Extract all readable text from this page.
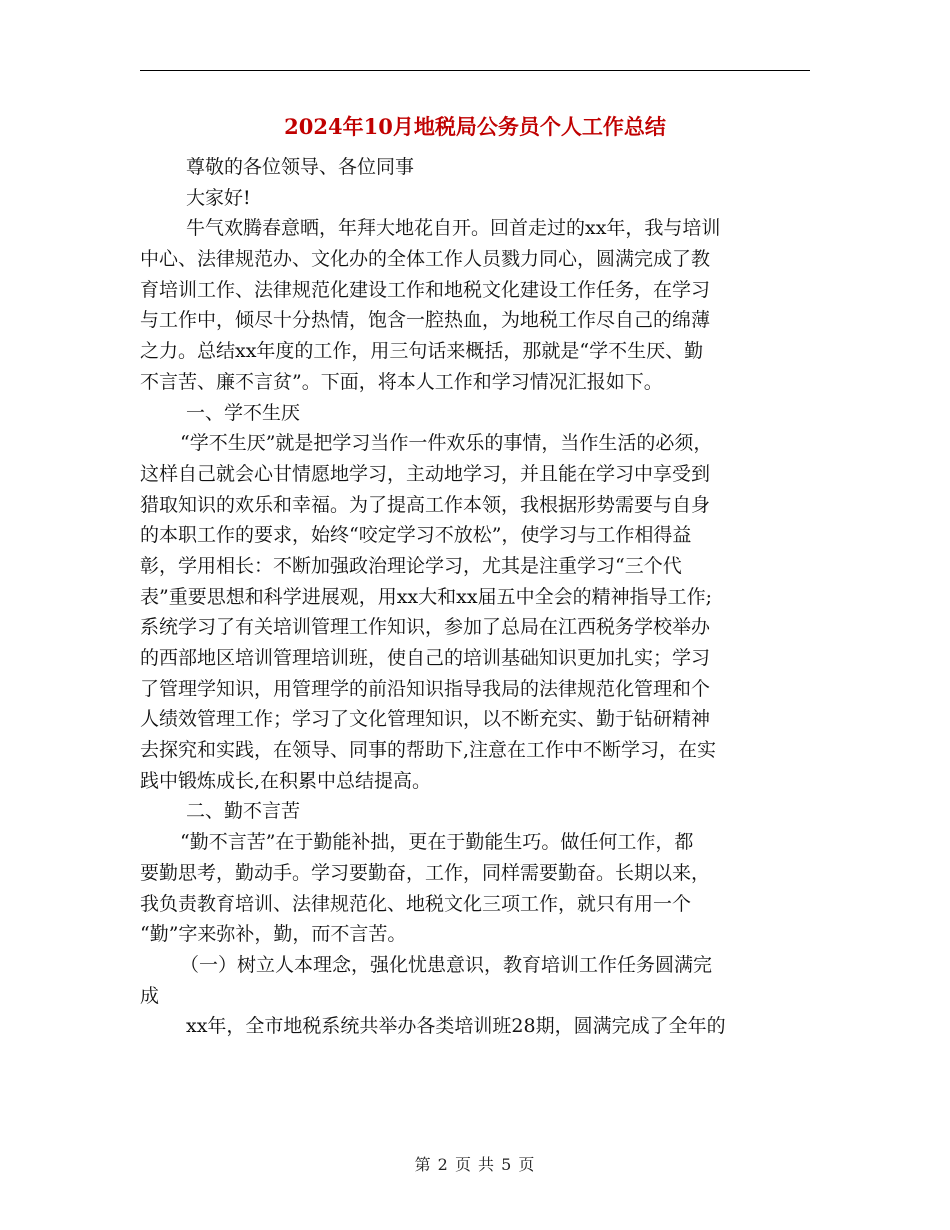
2024年10月地税局公务员个人工作总结
尊敬的各位领导、各位同事
大家好!
牛气欢腾春意晒，年拜大地花自开。回首走过的xx年，我与培训
中心、法律规范办、文化办的全体工作人员戮力同心，圆满完成了教
育培训工作、法律规范化建设工作和地税文化建设工作任务，在学习
与工作中，倾尽十分热情，饱含一腔热血，为地税工作尽自己的绵薄
之力。总结xx年度的工作，用三句话来概括，那就是“学不生厌、勤
不言苦、廉不言贫”。下面，将本人工作和学习情况汇报如下。
一、学不生厌
“学不生厌”就是把学习当作一件欢乐的事情，当作生活的必须，
这样自己就会心甘情愿地学习，主动地学习，并且能在学习中享受到
猎取知识的欢乐和幸福。为了提高工作本领，我根据形势需要与自身
的本职工作的要求，始终“咬定学习不放松”，使学习与工作相得益
彰，学用相长：不断加强政治理论学习，尤其是注重学习“三个代
表”重要思想和科学进展观，用xx大和xx届五中全会的精神指导工作;
系统学习了有关培训管理工作知识，参加了总局在江西税务学校举办
的西部地区培训管理培训班，使自己的培训基础知识更加扎实；学习
了管理学知识，用管理学的前沿知识指导我局的法律规范化管理和个
人绩效管理工作；学习了文化管理知识，以不断充实、勤于钻研精神
去探究和实践，在领导、同事的帮助下,注意在工作中不断学习，在实
践中锻炼成长,在积累中总结提高。
二、勤不言苦
“勤不言苦”在于勤能补拙，更在于勤能生巧。做任何工作，都
要勤思考，勤动手。学习要勤奋，工作，同样需要勤奋。长期以来，
我负责教育培训、法律规范化、地税文化三项工作，就只有用一个
“勤”字来弥补，勤，而不言苦。
（一）树立人本理念，强化忧患意识，教育培训工作任务圆满完
成
xx年，全市地税系统共举办各类培训班28期，圆满完成了全年的
第 2 页 共 5 页
